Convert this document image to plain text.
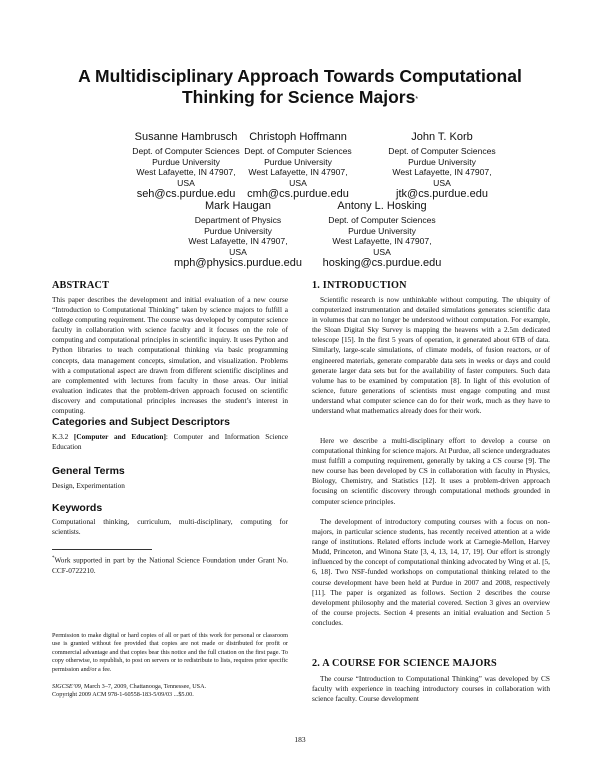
A Multidisciplinary Approach Towards Computational
Thinking for Science Majors*
Susanne Hambrusch
Dept. of Computer Sciences
Purdue University
West Lafayette, IN 47907,
USA
seh@cs.purdue.edu
Christoph Hoffmann
Dept. of Computer Sciences
Purdue University
West Lafayette, IN 47907,
USA
cmh@cs.purdue.edu
John T. Korb
Dept. of Computer Sciences
Purdue University
West Lafayette, IN 47907,
USA
jtk@cs.purdue.edu
Mark Haugan
Department of Physics
Purdue University
West Lafayette, IN 47907,
USA
mph@physics.purdue.edu
Antony L. Hosking
Dept. of Computer Sciences
Purdue University
West Lafayette, IN 47907,
USA
hosking@cs.purdue.edu
ABSTRACT

This paper describes the development and initial evaluation of a new course “Introduction to Computational Thinking” taken by science majors to fulfill a college computing requirement. The course was developed by computer science faculty in collaboration with science faculty and it focuses on the role of computing and computational principles in scientific inquiry. It uses Python and Python libraries to teach computational thinking via basic programming concepts, data management concepts, simulation, and visualization. Problems with a computational aspect are drawn from different scientific disciplines and are complemented with lectures from faculty in those areas. Our initial evaluation indicates that the problem-driven approach focused on scientific discovery and computational principles increases the student’s interest in computing.

Categories and Subject Descriptors

K.3.2 [Computer and Education]: Computer and Information Science Education

General Terms

Design, Experimentation

Keywords

Computational thinking, curriculum, multi-disciplinary, computing for scientists.

*Work supported in part by the National Science Foundation under Grant No. CCF-0722210.

Permission to make digital or hard copies of all or part of this work for personal or classroom use is granted without fee provided that copies are not made or distributed for profit or commercial advantage and that copies bear this notice and the full citation on the first page. To copy otherwise, to republish, to post on servers or to redistribute to lists, requires prior specific permission and/or a fee.

SIGCSE’09, March 3–7, 2009, Chattanooga, Tennessee, USA.

Copyright 2009 ACM 978-1-60558-183-5/09/03 ...$5.00.

1. INTRODUCTION

Scientific research is now unthinkable without computing. The ubiquity of computerized instrumentation and detailed simulations generates scientific data in volumes that can no longer be understood without computation. For example, the Sloan Digital Sky Survey is mapping the heavens with a 2.5m dedicated telescope [15]. In the first 5 years of operation, it generated about 6TB of data. Similarly, large-scale simulations, of climate models, of fusion reactors, or of engineered materials, generate comparable data sets in weeks or days and could generate larger data sets but for the availability of faster computers. Such data volume has to be examined by computation [8]. In light of this evolution of science, future generations of scientists must engage computing and must understand what computer science can do for their work, much as they have to understand what mathematics already does for their work.

Here we describe a multi-disciplinary effort to develop a course on computational thinking for science majors. At Purdue, all science undergraduates must fulfill a computing requirement, generally by taking a CS course [9]. The new course has been developed by CS in collaboration with faculty in Physics, Biology, Chemistry, and Statistics [12]. It uses a problem-driven approach focusing on scientific discovery through computational methods grounded in computer science principles.

The development of introductory computing courses with a focus on non-majors, in particular science students, has recently received attention at a wide range of institutions. Related efforts include work at Carnegie-Mellon, Harvey Mudd, Princeton, and Winona State [3, 4, 13, 14, 17, 19]. Our effort is strongly influenced by the concept of computational thinking advocated by Wing et al. [5, 6, 18]. Two NSF-funded workshops on computational thinking related to the course development have been held at Purdue in 2007 and 2008, respectively [11]. The paper is organized as follows. Section 2 describes the course development philosophy and the material covered. Section 3 gives an overview of the course projects. Section 4 presents an initial evaluation and Section 5 concludes.

2. A COURSE FOR SCIENCE MAJORS

The course “Introduction to Computational Thinking” was developed by CS faculty with experience in teaching introductory courses in collaboration with science faculty. Course development

183
